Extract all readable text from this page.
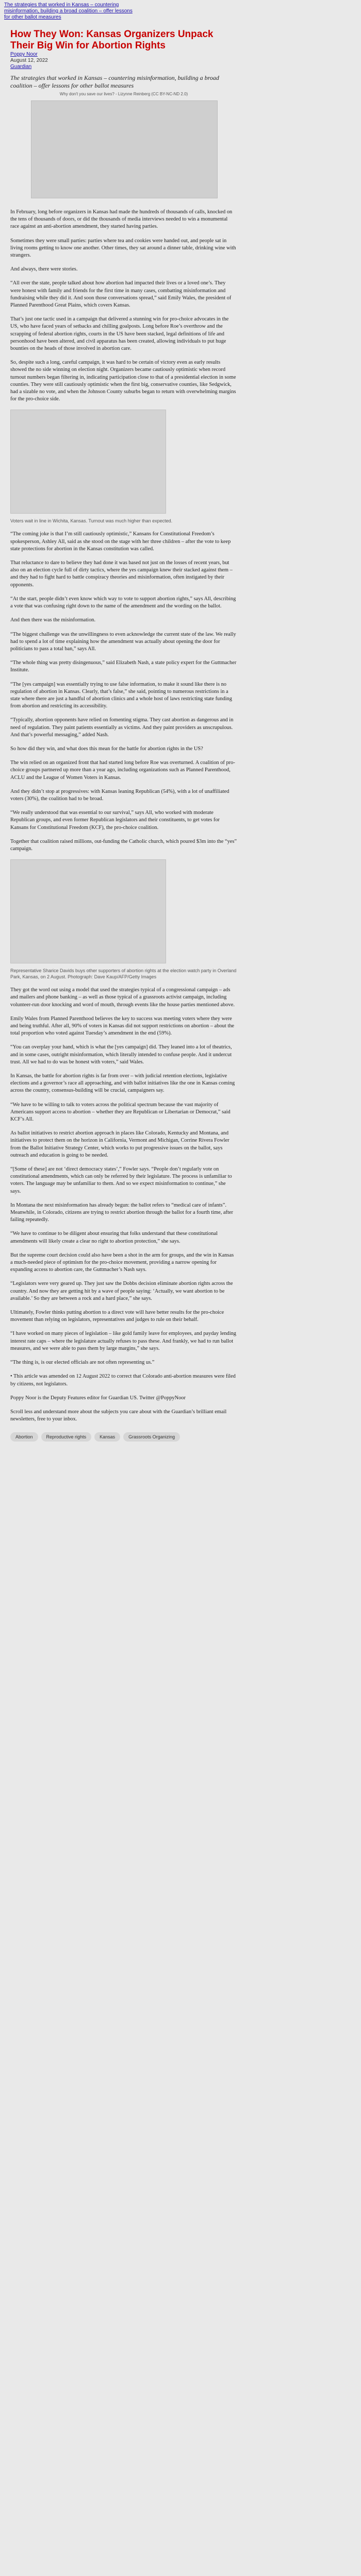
The strategies that worked in Kansas – countering misinformation, building a broad coalition – offer lessons for other ballot measures
How They Won: Kansas Organizers Unpack Their Big Win for Abortion Rights
Poppy Noor
August 12, 2022
Guardian
The strategies that worked in Kansas – countering misinformation, building a broad coalition – offer lessons for other ballot measures
Why don't you save our lives? - Lizynne Reinberg (CC BY-NC-ND 2.0)

In February, long before organizers in Kansas had made the hundreds of thousands of calls, knocked on the tens of thousands of doors, or did the thousands of media interviews needed to win a monumental race against an anti-abortion amendment, they started having parties.

Sometimes they were small parties: parties where tea and cookies were handed out, and people sat in living rooms getting to know one another. Other times, they sat around a dinner table, drinking wine with strangers.

And always, there were stories.

“All over the state, people talked about how abortion had impacted their lives or a loved one’s. They were honest with family and friends for the first time in many cases, combatting misinformation and fundraising while they did it. And soon those conversations spread,” said Emily Wales, the president of Planned Parenthood Great Plains, which covers Kansas.

That’s just one tactic used in a campaign that delivered a stunning win for pro-choice advocates in the US, who have faced years of setbacks and chilling goalposts. Long before Roe’s overthrow and the scrapping of federal abortion rights, courts in the US have been stacked, legal definitions of life and personhood have been altered, and civil apparatus has been created, allowing individuals to put huge bounties on the heads of those involved in abortion care.

So, despite such a long, careful campaign, it was hard to be certain of victory even as early results showed the no side winning on election night. Organizers became cautiously optimistic when record turnout numbers began filtering in, indicating participation close to that of a presidential election in some counties. They were still cautiously optimistic when the first big, conservative counties, like Sedgwick, had a sizable no vote, and when the Johnson County suburbs began to return with overwhelming margins for the pro-choice side.

Voters wait in line in Wichita, Kansas. Turnout was much higher than expected.

“The coming joke is that I’m still cautiously optimistic,” Kansans for Constitutional Freedom’s spokesperson, Ashley All, said as she stood on the stage with her three children – after the vote to keep state protections for abortion in the Kansas constitution was called.

That reluctance to dare to believe they had done it was based not just on the losses of recent years, but also on an election cycle full of dirty tactics, where the yes campaign knew their stacked against them – and they had to fight hard to battle conspiracy theories and misinformation, often instigated by their opponents.

“At the start, people didn’t even know which way to vote to support abortion rights,” says All, describing a vote that was confusing right down to the name of the amendment and the wording on the ballot.

And then there was the misinformation.

“The biggest challenge was the unwillingness to even acknowledge the current state of the law. We really had to spend a lot of time explaining how the amendment was actually about opening the door for politicians to pass a total ban,” says All.

“The whole thing was pretty disingenuous,” said Elizabeth Nash, a state policy expert for the Guttmacher Institute.

“The [yes campaign] was essentially trying to use false information, to make it sound like there is no regulation of abortion in Kansas. Clearly, that’s false,” she said, pointing to numerous restrictions in a state where there are just a handful of abortion clinics and a whole host of laws restricting state funding from abortion and restricting its accessibility.

“Typically, abortion opponents have relied on fomenting stigma. They cast abortion as dangerous and in need of regulation. They paint patients essentially as victims. And they paint providers as unscrupulous. And that’s powerful messaging,” added Nash.

So how did they win, and what does this mean for the battle for abortion rights in the US?

The win relied on an organized front that had started long before Roe was overturned. A coalition of pro-choice groups partnered up more than a year ago, including organizations such as Planned Parenthood, ACLU and the League of Women Voters in Kansas.

And they didn’t stop at progressives: with Kansas leaning Republican (54%), with a lot of unaffiliated voters (30%), the coalition had to be broad.

“We really understood that was essential to our survival,” says All, who worked with moderate Republican groups, and even former Republican legislators and their constituents, to get votes for Kansans for Constitutional Freedom (KCF), the pro-choice coalition.

Together that coalition raised millions, out-funding the Catholic church, which poured $3m into the “yes” campaign.

Representative Sharice Davids buys other supporters of abortion rights at the election watch party in Overland Park, Kansas, on 2 August. Photograph: Dave Kaup/AFP/Getty Images

They got the word out using a model that used the strategies typical of a congressional campaign – ads and mailers and phone banking – as well as those typical of a grassroots activist campaign, including volunteer-run door knocking and word of mouth, through events like the house parties mentioned above.

Emily Wales from Planned Parenthood believes the key to success was meeting voters where they were and being truthful. After all, 90% of voters in Kansas did not support restrictions on abortion – about the total proportion who voted against Tuesday’s amendment in the end (59%).

“You can overplay your hand, which is what the [yes campaign] did. They leaned into a lot of theatrics, and in some cases, outright misinformation, which literally intended to confuse people. And it undercut trust. All we had to do was be honest with voters,” said Wales.

In Kansas, the battle for abortion rights is far from over – with judicial retention elections, legislative elections and a governor’s race all approaching, and with ballot initiatives like the one in Kansas coming across the country, consensus-building will be crucial, campaigners say.

“We have to be willing to talk to voters across the political spectrum because the vast majority of Americans support access to abortion – whether they are Republican or Libertarian or Democrat,” said KCF’s All.

As ballot initiatives to restrict abortion approach in places like Colorado, Kentucky and Montana, and initiatives to protect them on the horizon in California, Vermont and Michigan, Corrine Rivera Fowler from the Ballot Initiative Strategy Center, which works to put progressive issues on the ballot, says outreach and education is going to be needed.

“[Some of these] are not ‘direct democracy states’,” Fowler says. “People don’t regularly vote on constitutional amendments, which can only be referred by their legislature. The process is unfamiliar to voters. The language may be unfamiliar to them. And so we expect misinformation to continue,” she says.

In Montana the next misinformation has already begun: the ballot refers to “medical care of infants”. Meanwhile, in Colorado, citizens are trying to restrict abortion through the ballot for a fourth time, after failing repeatedly.

“We have to continue to be diligent about ensuring that folks understand that these constitutional amendments will likely create a clear no right to abortion protection,” she says.

But the supreme court decision could also have been a shot in the arm for groups, and the win in Kansas a much-needed piece of optimism for the pro-choice movement, providing a narrow opening for expanding access to abortion care, the Guttmacher’s Nash says.

“Legislators were very geared up. They just saw the Dobbs decision eliminate abortion rights across the country. And now they are getting hit by a wave of people saying: ‘Actually, we want abortion to be available.’ So they are between a rock and a hard place,” she says.

Ultimately, Fowler thinks putting abortion to a direct vote will have better results for the pro-choice movement than relying on legislators, representatives and judges to rule on their behalf.

“I have worked on many pieces of legislation – like gold family leave for employees, and payday lending interest rate caps – where the legislature actually refuses to pass these. And frankly, we had to run ballot measures, and we were able to pass them by large margins,” she says.

“The thing is, is our elected officials are not often representing us.”

• This article was amended on 12 August 2022 to correct that Colorado anti-abortion measures were filed by citizens, not legislators.

Poppy Noor is the Deputy Features editor for Guardian US. Twitter @PoppyNoor

Scroll less and understand more about the subjects you care about with the Guardian’s brilliant email newsletters, free to your inbox.

Abortion	Reproductive rights	Kansas	Grassroots Organizing
